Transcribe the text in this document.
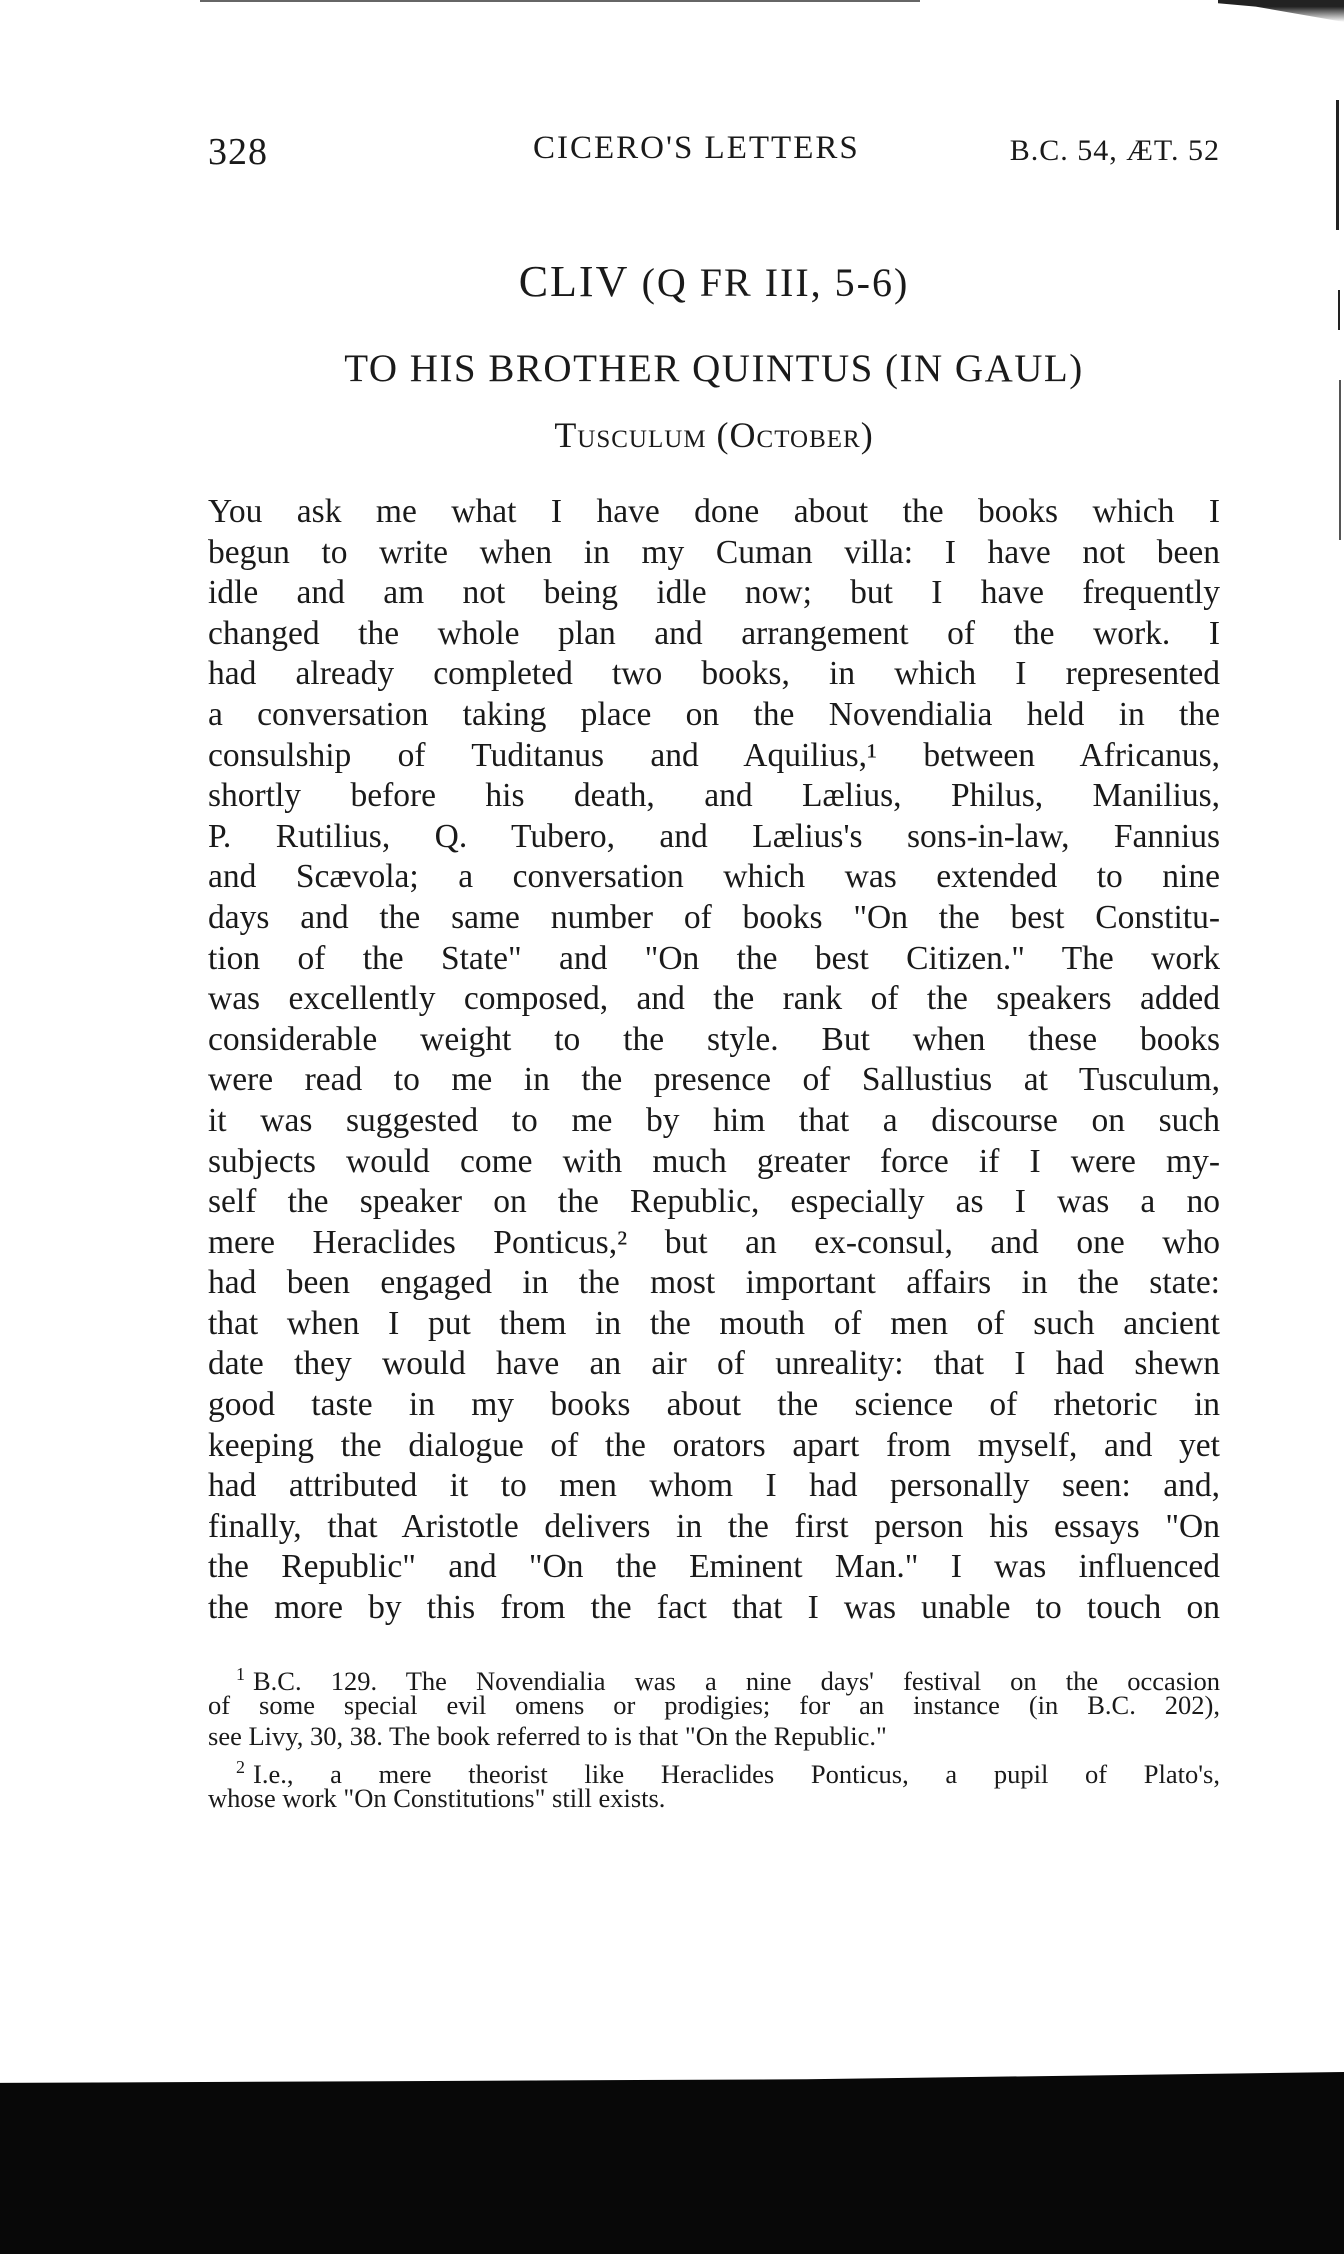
328	CICERO'S LETTERS	B.C. 54, ÆT. 52
CLIV (Q FR III, 5-6)
TO HIS BROTHER QUINTUS (IN GAUL)
Tusculum (October)
You ask me what I have done about the books which I
begun to write when in my Cuman villa: I have not been
idle and am not being idle now; but I have frequently
changed the whole plan and arrangement of the work. I
had already completed two books, in which I represented
a conversation taking place on the Novendialia held in the
consulship of Tuditanus and Aquilius,¹ between Africanus,
shortly before his death, and Lælius, Philus, Manilius,
P. Rutilius, Q. Tubero, and Lælius's sons-in-law, Fannius
and Scævola; a conversation which was extended to nine
days and the same number of books "On the best Constitu-
tion of the State" and "On the best Citizen." The work
was excellently composed, and the rank of the speakers added
considerable weight to the style. But when these books
were read to me in the presence of Sallustius at Tusculum,
it was suggested to me by him that a discourse on such
subjects would come with much greater force if I were my-
self the speaker on the Republic, especially as I was a no
mere Heraclides Ponticus,² but an ex-consul, and one who
had been engaged in the most important affairs in the state:
that when I put them in the mouth of men of such ancient
date they would have an air of unreality: that I had shewn
good taste in my books about the science of rhetoric in
keeping the dialogue of the orators apart from myself, and yet
had attributed it to men whom I had personally seen: and,
finally, that Aristotle delivers in the first person his essays "On
the Republic" and "On the Eminent Man." I was influenced
the more by this from the fact that I was unable to touch on
$^1$ B.C. 129. The Novendialia was a nine days' festival on the occasion
of some special evil omens or prodigies; for an instance (in B.C. 202),
see Livy, 30, 38. The book referred to is that "On the Republic."
$^2$ I.e., a mere theorist like Heraclides Ponticus, a pupil of Plato's,
whose work "On Constitutions" still exists.
